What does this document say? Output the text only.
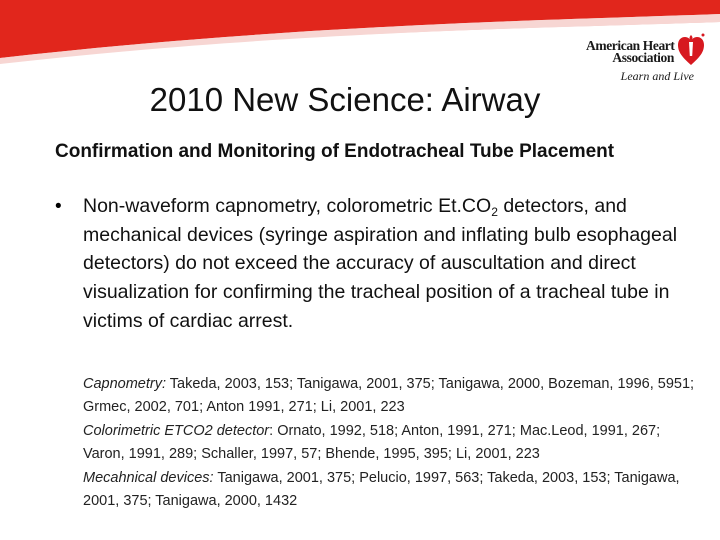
American Heart
Association
Learn and Live
2010 New Science: Airway
Confirmation and Monitoring of Endotracheal Tube Placement
• Non-waveform capnometry, colorometric $Et.CO_2$ detectors, and mechanical devices (syringe aspiration and inflating bulb esophageal detectors) do not exceed the accuracy of auscultation and direct visualization for confirming the tracheal position of a tracheal tube in victims of cardiac arrest.

Capnometry: Takeda, 2003, 153; Tanigawa, 2001, 375; Tanigawa, 2000, Bozeman, 1996, 5951; Grmec, 2002, 701; Anton 1991, 271; Li, 2001, 223

Colorimetric ETCO2 detector: Ornato, 1992, 518; Anton, 1991, 271; Mac.Leod, 1991, 267; Varon, 1991, 289; Schaller, 1997, 57; Bhende, 1995, 395; Li, 2001, 223

Mecahnical devices: Tanigawa, 2001, 375; Pelucio, 1997, 563; Takeda, 2003, 153; Tanigawa, 2001, 375; Tanigawa, 2000, 1432
